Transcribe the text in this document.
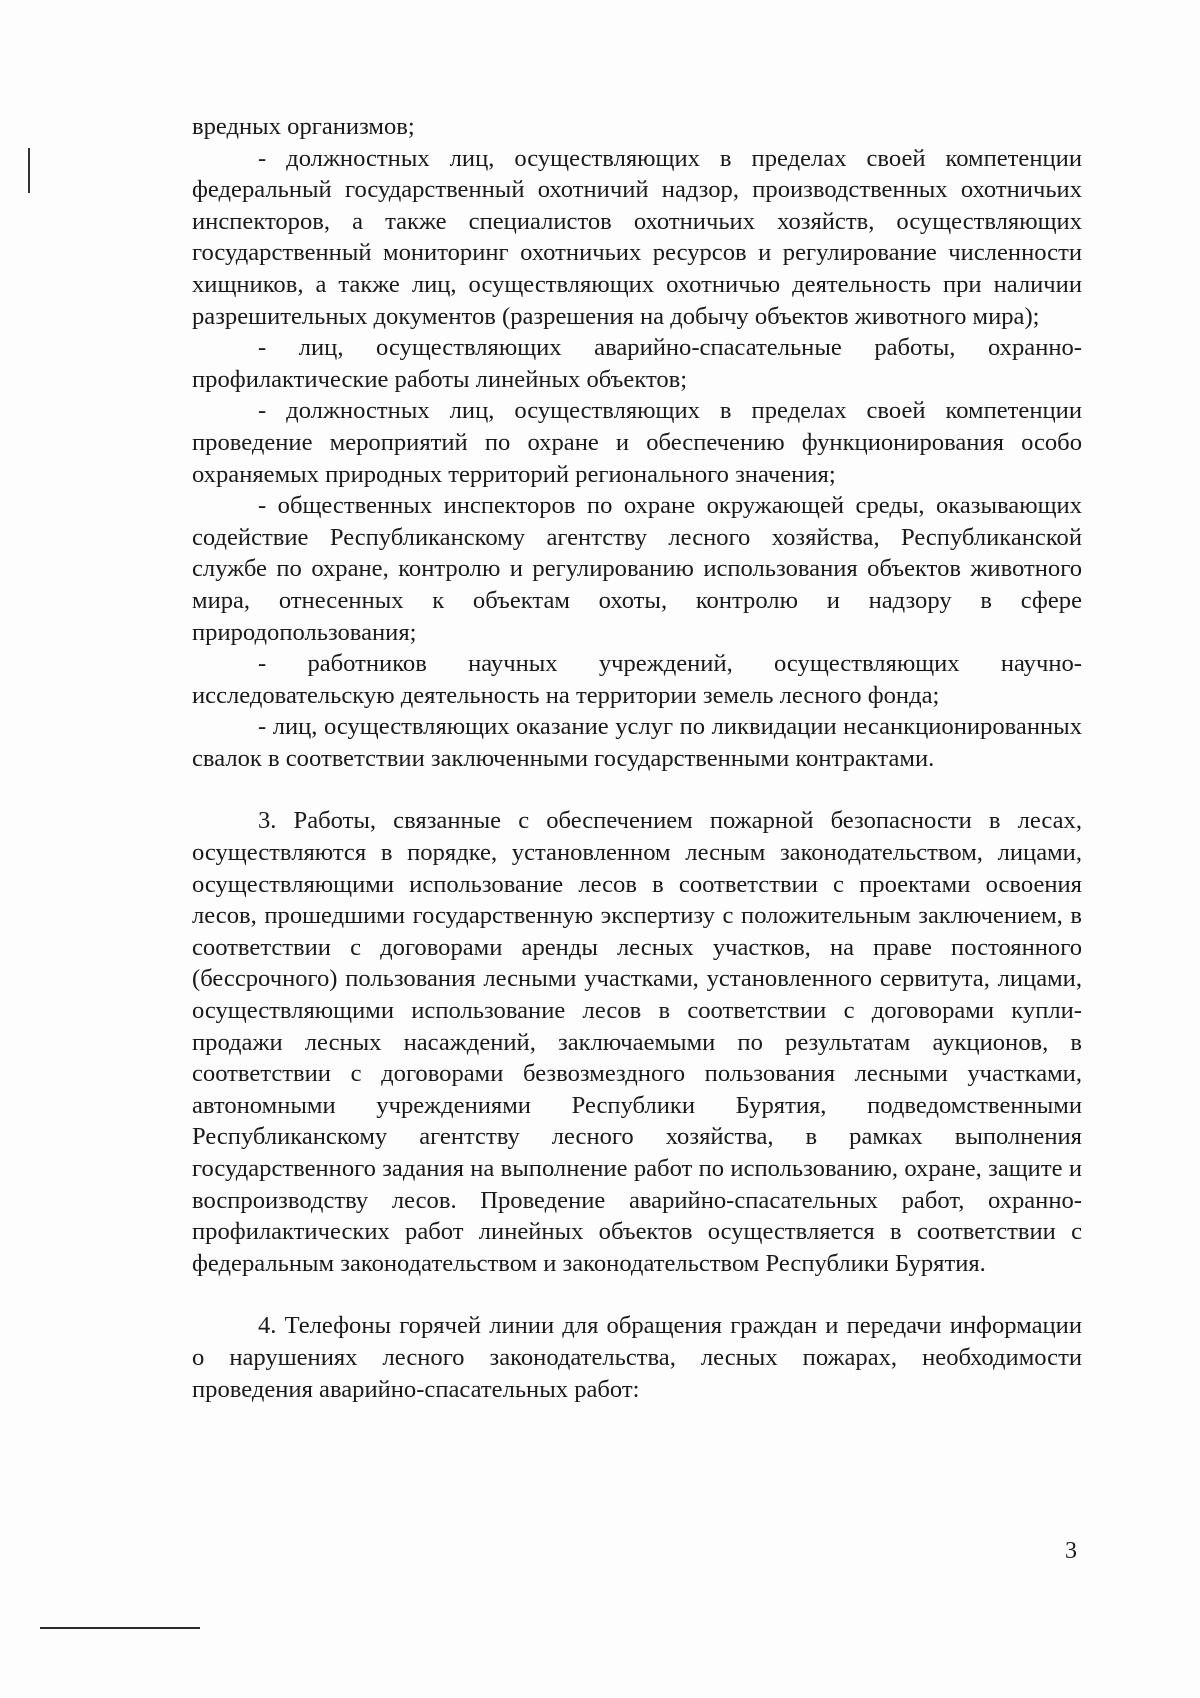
вредных организмов;

- должностных лиц, осуществляющих в пределах своей компетенции федеральный государственный охотничий надзор, производственных охотничьих инспекторов, а также специалистов охотничьих хозяйств, осуществляющих государственный мониторинг охотничьих ресурсов и регулирование численности хищников, а также лиц, осуществляющих охотничью деятельность при наличии разрешительных документов (разрешения на добычу объектов животного мира);

- лиц, осуществляющих аварийно-спасательные работы, охранно-профилактические работы линейных объектов;

- должностных лиц, осуществляющих в пределах своей компетенции проведение мероприятий по охране и обеспечению функционирования особо охраняемых природных территорий регионального значения;

- общественных инспекторов по охране окружающей среды, оказывающих содействие Республиканскому агентству лесного хозяйства, Республиканской службе по охране, контролю и регулированию использования объектов животного мира, отнесенных к объектам охоты, контролю и надзору в сфере природопользования;

- работников научных учреждений, осуществляющих научно-исследовательскую деятельность на территории земель лесного фонда;

- лиц, осуществляющих оказание услуг по ликвидации несанкционированных свалок в соответствии заключенными государственными контрактами.

3. Работы, связанные с обеспечением пожарной безопасности в лесах, осуществляются в порядке, установленном лесным законодательством, лицами, осуществляющими использование лесов в соответствии с проектами освоения лесов, прошедшими государственную экспертизу с положительным заключением, в соответствии с договорами аренды лесных участков, на праве постоянного (бессрочного) пользования лесными участками, установленного сервитута, лицами, осуществляющими использование лесов в соответствии с договорами купли-продажи лесных насаждений, заключаемыми по результатам аукционов, в соответствии с договорами безвозмездного пользования лесными участками, автономными учреждениями Республики Бурятия, подведомственными Республиканскому агентству лесного хозяйства, в рамках выполнения государственного задания на выполнение работ по использованию, охране, защите и воспроизводству лесов. Проведение аварийно-спасательных работ, охранно-профилактических работ линейных объектов осуществляется в соответствии с федеральным законодательством и законодательством Республики Бурятия.

4. Телефоны горячей линии для обращения граждан и передачи информации о нарушениях лесного законодательства, лесных пожарах, необходимости проведения аварийно-спасательных работ:

3
